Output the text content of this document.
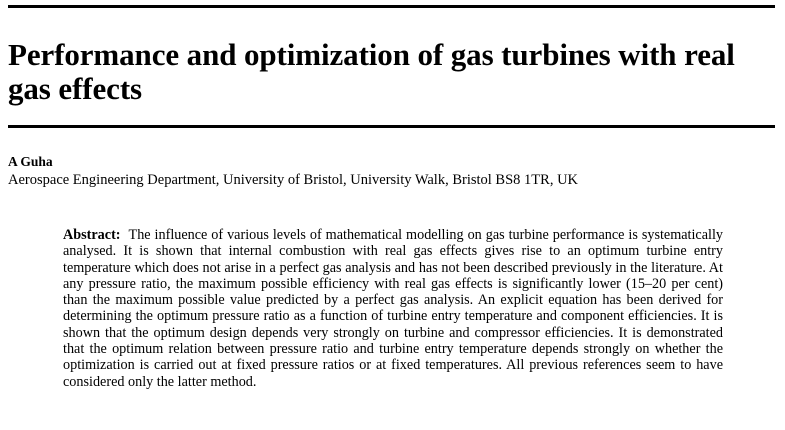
Performance and optimization of gas turbines with real gas effects

A Guha

Aerospace Engineering Department, University of Bristol, University Walk, Bristol BS8 1TR, UK

Abstract: The influence of various levels of mathematical modelling on gas turbine performance is systematically analysed. It is shown that internal combustion with real gas effects gives rise to an optimum turbine entry temperature which does not arise in a perfect gas analysis and has not been described previously in the literature. At any pressure ratio, the maximum possible efficiency with real gas effects is significantly lower (15–20 per cent) than the maximum possible value predicted by a perfect gas analysis. An explicit equation has been derived for determining the optimum pressure ratio as a function of turbine entry temperature and component efficiencies. It is shown that the optimum design depends very strongly on turbine and compressor efficiencies. It is demonstrated that the optimum relation between pressure ratio and turbine entry temperature depends strongly on whether the optimization is carried out at fixed pressure ratios or at fixed temperatures. All previous references seem to have considered only the latter method.
